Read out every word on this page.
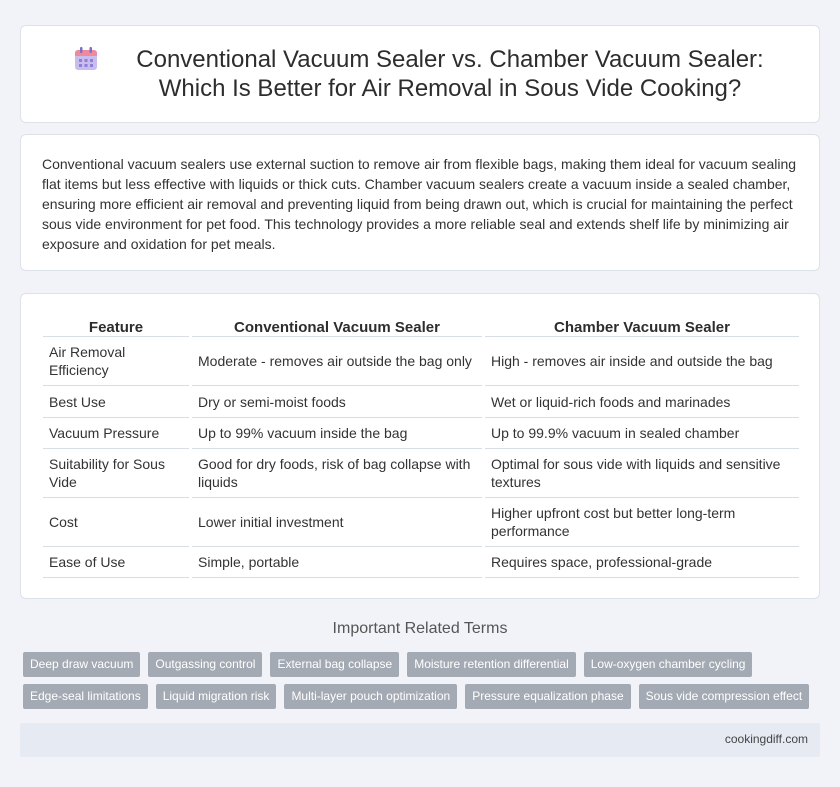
Conventional Vacuum Sealer vs. Chamber Vacuum Sealer: Which Is Better for Air Removal in Sous Vide Cooking?

Conventional vacuum sealers use external suction to remove air from flexible bags, making them ideal for vacuum sealing flat items but less effective with liquids or thick cuts. Chamber vacuum sealers create a vacuum inside a sealed chamber, ensuring more efficient air removal and preventing liquid from being drawn out, which is crucial for maintaining the perfect sous vide environment for pet food. This technology provides a more reliable seal and extends shelf life by minimizing air exposure and oxidation for pet meals.

Feature		Conventional Vacuum Sealer		Chamber Vacuum Sealer
Air Removal Efficiency		Moderate - removes air outside the bag only		High - removes air inside and outside the bag
Best Use		Dry or semi-moist foods		Wet or liquid-rich foods and marinades
Vacuum Pressure		Up to 99% vacuum inside the bag		Up to 99.9% vacuum in sealed chamber
Suitability for Sous Vide		Good for dry foods, risk of bag collapse with liquids		Optimal for sous vide with liquids and sensitive textures
Cost		Lower initial investment		Higher upfront cost but better long-term performance
Ease of Use		Simple, portable		Requires space, professional-grade
Important Related Terms
Deep draw vacuum	Outgassing control	External bag collapse	Moisture retention differential	Low-oxygen chamber cycling
Edge-seal limitations	Liquid migration risk	Multi-layer pouch optimization	Pressure equalization phase	Sous vide compression effect
cookingdiff.com
